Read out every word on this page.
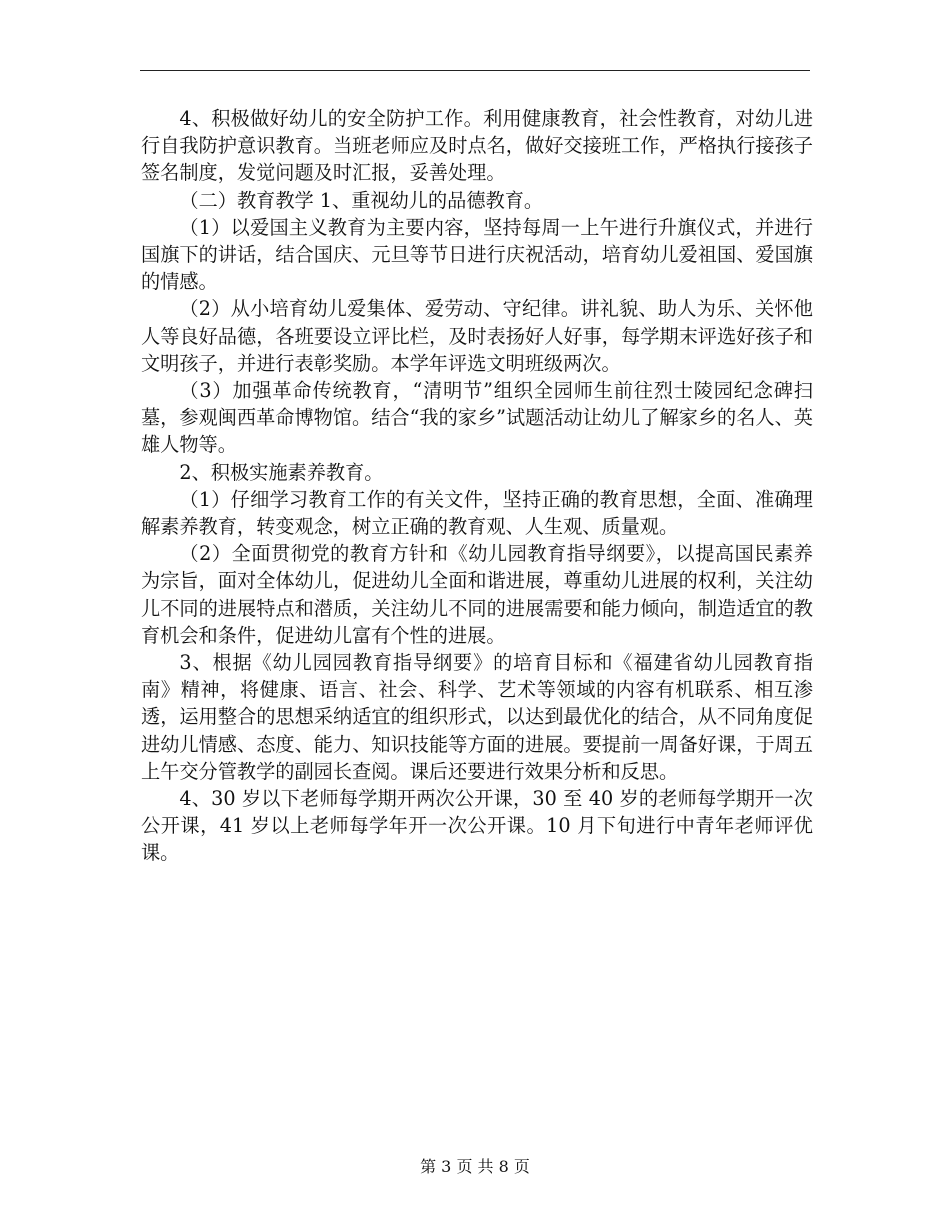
4、积极做好幼儿的安全防护工作。利用健康教育，社会性教育，对幼儿进行自我防护意识教育。当班老师应及时点名，做好交接班工作，严格执行接孩子签名制度，发觉问题及时汇报，妥善处理。

（二）教育教学 1、重视幼儿的品德教育。

（1）以爱国主义教育为主要内容，坚持每周一上午进行升旗仪式，并进行国旗下的讲话，结合国庆、元旦等节日进行庆祝活动，培育幼儿爱祖国、爱国旗的情感。

（2）从小培育幼儿爱集体、爱劳动、守纪律。讲礼貌、助人为乐、关怀他人等良好品德，各班要设立评比栏，及时表扬好人好事，每学期末评选好孩子和文明孩子，并进行表彰奖励。本学年评选文明班级两次。

（3）加强革命传统教育，“清明节”组织全园师生前往烈士陵园纪念碑扫墓，参观闽西革命博物馆。结合“我的家乡”试题活动让幼儿了解家乡的名人、英雄人物等。

2、积极实施素养教育。

（1）仔细学习教育工作的有关文件，坚持正确的教育思想，全面、准确理解素养教育，转变观念，树立正确的教育观、人生观、质量观。

（2）全面贯彻党的教育方针和《幼儿园教育指导纲要》，以提高国民素养为宗旨，面对全体幼儿，促进幼儿全面和谐进展，尊重幼儿进展的权利，关注幼儿不同的进展特点和潜质，关注幼儿不同的进展需要和能力倾向，制造适宜的教育机会和条件，促进幼儿富有个性的进展。

3、根据《幼儿园园教育指导纲要》的培育目标和《福建省幼儿园教育指南》精神，将健康、语言、社会、科学、艺术等领域的内容有机联系、相互渗透，运用整合的思想采纳适宜的组织形式，以达到最优化的结合，从不同角度促进幼儿情感、态度、能力、知识技能等方面的进展。要提前一周备好课，于周五上午交分管教学的副园长查阅。课后还要进行效果分析和反思。

4、30 岁以下老师每学期开两次公开课，30 至 40 岁的老师每学期开一次公开课，41 岁以上老师每学年开一次公开课。10 月下旬进行中青年老师评优课。

第 3 页 共 8 页
